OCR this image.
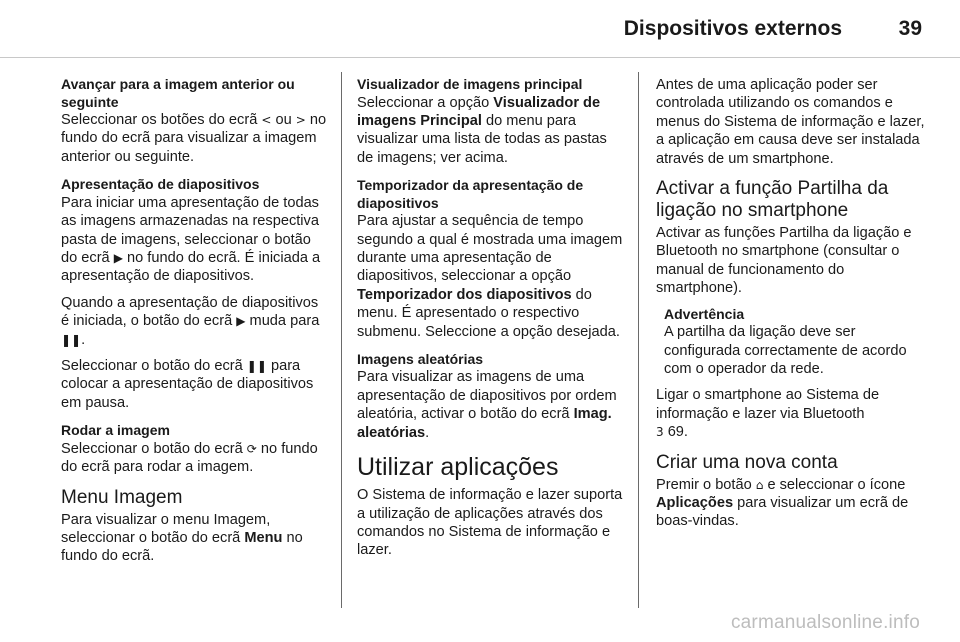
Dispositivos externos	39
Avançar para a imagem anterior ou seguinte
Seleccionar os botões do ecrã < ou > no fundo do ecrã para visualizar a imagem anterior ou seguinte.
Apresentação de diapositivos
Para iniciar uma apresentação de todas as imagens armazenadas na respectiva pasta de imagens, seleccionar o botão do ecrã ▶ no fundo do ecrã. É iniciada a
apresentação de diapositivos.
Quando a apresentação de diapositivos é iniciada, o botão do ecrã ▶ muda para ❚❚.
Seleccionar o botão do ecrã ❚❚ para colocar a apresentação de diapositivos em pausa.
Rodar a imagem
Seleccionar o botão do ecrã ⟳ no fundo do ecrã para rodar a imagem.
Menu Imagem
Para visualizar o menu Imagem, seleccionar o botão do ecrã Menu no fundo do ecrã.
Visualizador de imagens principal
Seleccionar a opção Visualizador de imagens Principal do menu para visualizar uma lista de todas as pastas de imagens; ver acima.
Temporizador da apresentação de diapositivos
Para ajustar a sequência de tempo segundo a qual é mostrada uma imagem durante uma apresentação de diapositivos, seleccionar a opção Temporizador dos diapositivos do menu. É apresentado o respectivo submenu. Seleccione a opção desejada.
Imagens aleatórias
Para visualizar as imagens de uma apresentação de diapositivos por ordem aleatória, activar o botão do ecrã Imag. aleatórias.
Utilizar aplicações
O Sistema de informação e lazer suporta a utilização de aplicações através dos comandos no Sistema de informação e lazer.
Antes de uma aplicação poder ser controlada utilizando os comandos e menus do Sistema de informação e lazer, a aplicação em causa deve ser instalada através de um smartphone.
Activar a função Partilha da ligação no smartphone
Activar as funções Partilha da ligação e Bluetooth no smartphone (consultar o manual de funcionamento do smartphone).
Advertência
A partilha da ligação deve ser configurada correctamente de acordo com o operador da rede.
Ligar o smartphone ao Sistema de informação e lazer via Bluetooth
3 69.
Criar uma nova conta
Premir o botão ⌂ e seleccionar o ícone Aplicações para visualizar um ecrã de boas-vindas.
carmanualsonline.info
